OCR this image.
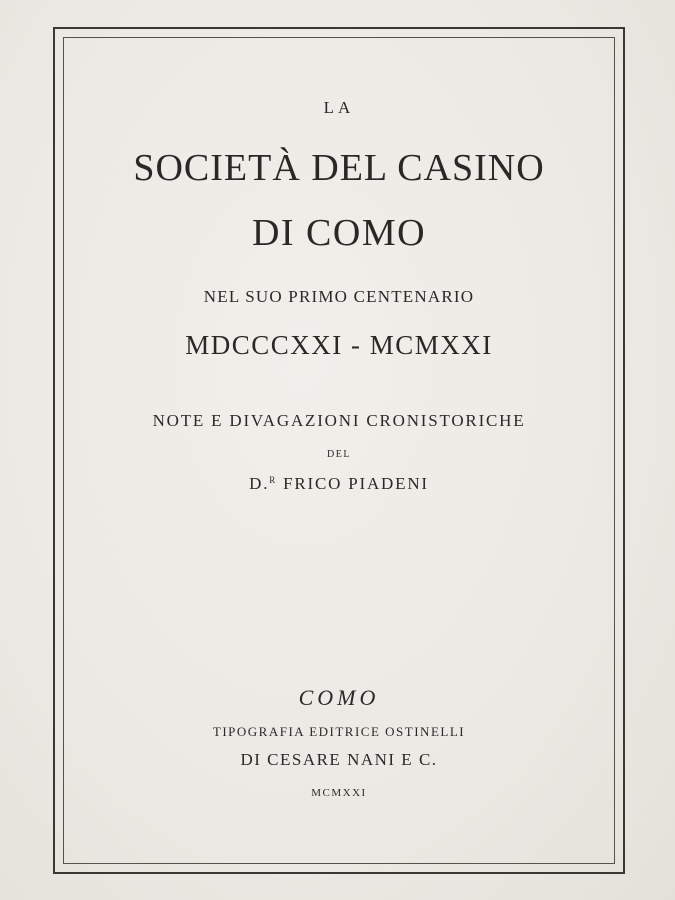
LA
SOCIETÀ DEL CASINO
DI COMO
NEL SUO PRIMO CENTENARIO
MDCCCXXI - MCMXXI
NOTE E DIVAGAZIONI CRONISTORICHE
DEL
D.$^R$ FRICO PIADENI
COMO
TIPOGRAFIA EDITRICE OSTINELLI
DI CESARE NANI E C.
MCMXXI
